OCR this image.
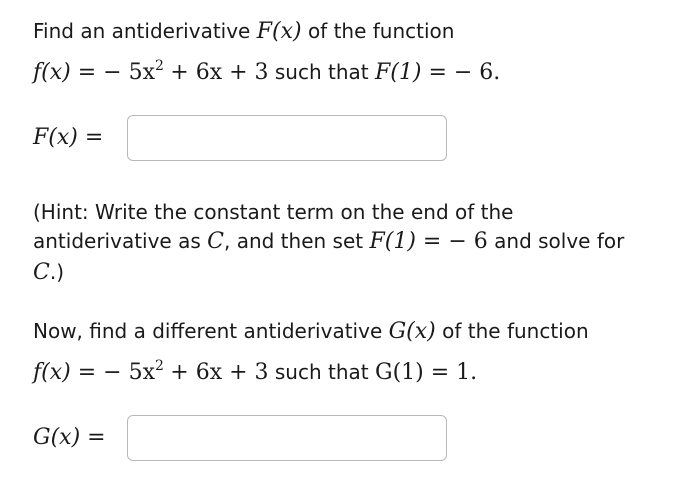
Find an antiderivative F(x) of the function
f(x) = − $5x^2 + 6x + 3$ such that F(1) = − 6.
F(x) =
(Hint: Write the constant term on the end of the
antiderivative as C, and then set F(1) = − 6 and solve for
C.)
Now, find a different antiderivative G(x) of the function
f(x) = − $5x^2 + 6x + 3$ such that G(1) = 1.
G(x) =
